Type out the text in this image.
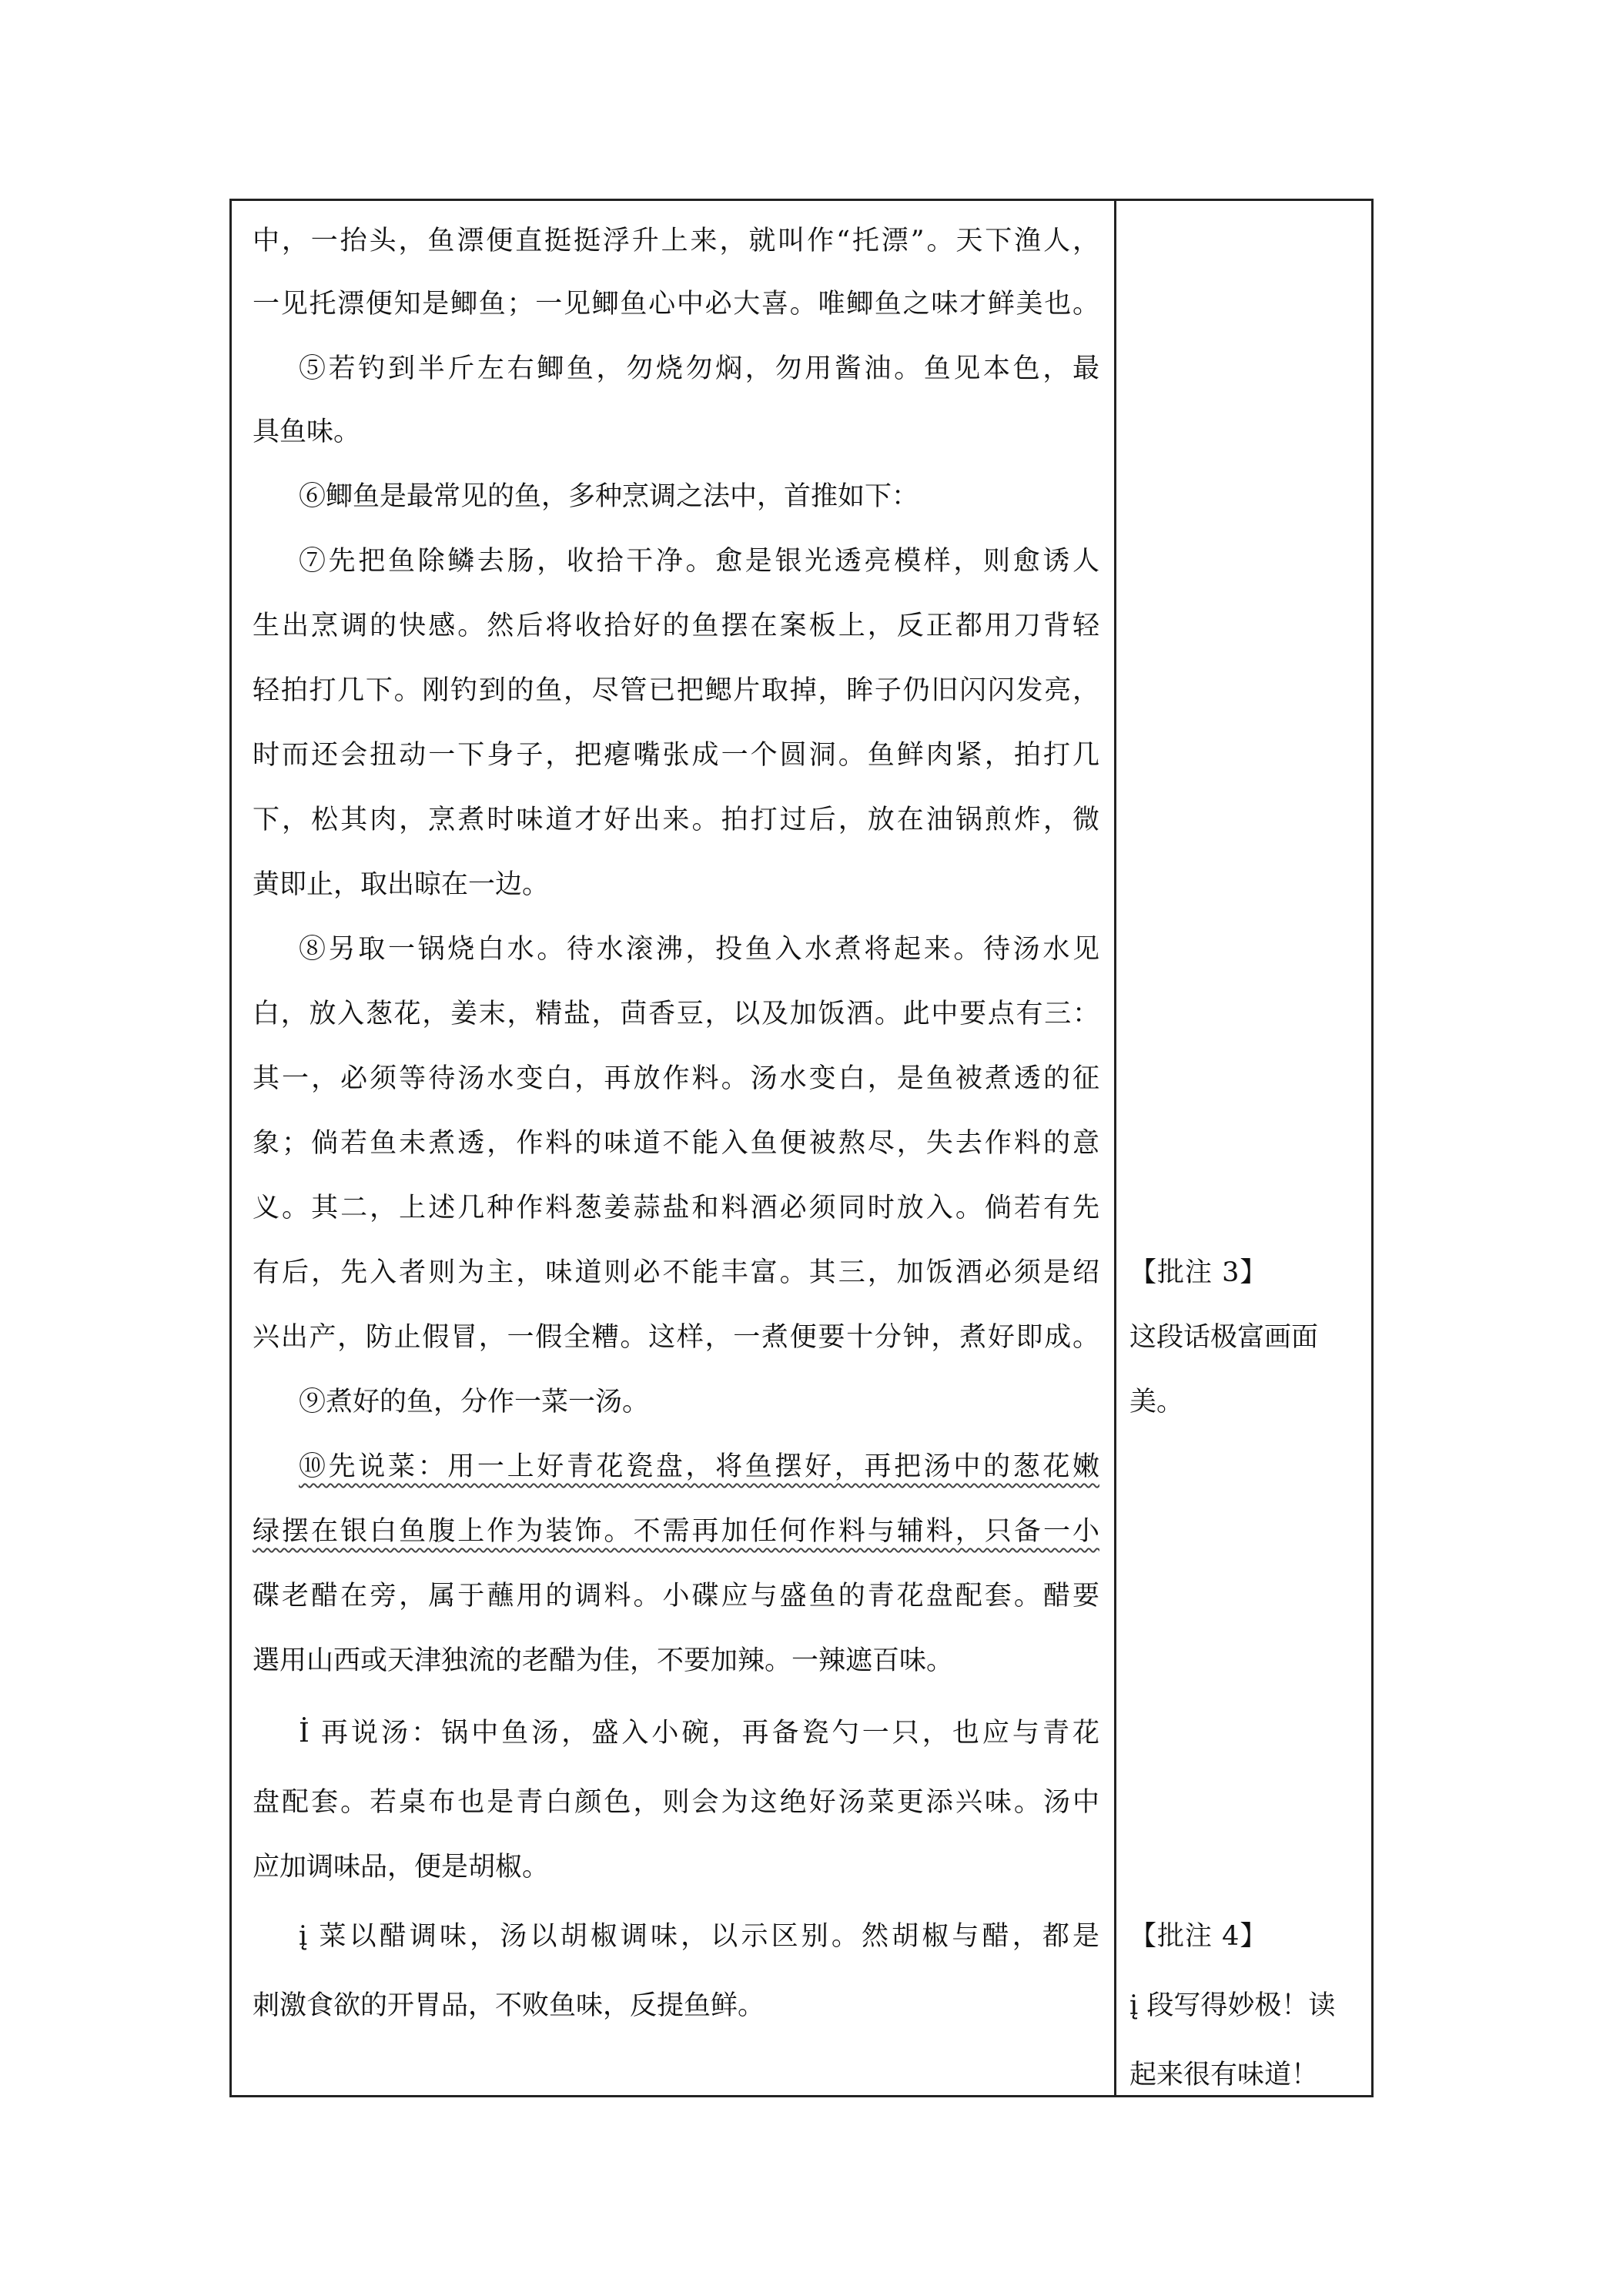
中，一抬头，鱼漂便直挺挺浮升上来，就叫作“托漂”。天下渔人，
一见托漂便知是鲫鱼；一见鲫鱼心中必大喜。唯鲫鱼之味才鲜美也。
⑤若钓到半斤左右鲫鱼，勿烧勿焖，勿用酱油。鱼见本色，最
具鱼味。
⑥鲫鱼是最常见的鱼，多种烹调之法中，首推如下：
⑦先把鱼除鳞去肠，收拾干净。愈是银光透亮模样，则愈诱人
生出烹调的快感。然后将收拾好的鱼摆在案板上，反正都用刀背轻
轻拍打几下。刚钓到的鱼，尽管已把鳃片取掉，眸子仍旧闪闪发亮，
时而还会扭动一下身子，把瘪嘴张成一个圆洞。鱼鲜肉紧，拍打几
下，松其肉，烹煮时味道才好出来。拍打过后，放在油锅煎炸，微
黄即止，取出晾在一边。
⑧另取一锅烧白水。待水滚沸，投鱼入水煮将起来。待汤水见
白，放入葱花，姜末，精盐，茴香豆，以及加饭酒。此中要点有三：
其一，必须等待汤水变白，再放作料。汤水变白，是鱼被煮透的征
象；倘若鱼未煮透，作料的味道不能入鱼便被熬尽，失去作料的意
义。其二，上述几种作料葱姜蒜盐和料酒必须同时放入。倘若有先
有后，先入者则为主，味道则必不能丰富。其三，加饭酒必须是绍
兴出产，防止假冒，一假全糟。这样，一煮便要十分钟，煮好即成。
⑨煮好的鱼，分作一菜一汤。
⑩先说菜：用一上好青花瓷盘，将鱼摆好，再把汤中的葱花嫩
绿摆在银白鱼腹上作为装饰。不需再加任何作料与辅料，只备一小
碟老醋在旁，属于蘸用的调料。小碟应与盛鱼的青花盘配套。醋要
選用山西或天津独流的老醋为佳，不要加辣。一辣遮百味。
İ 再说汤：锅中鱼汤，盛入小碗，再备瓷勺一只，也应与青花
盘配套。若桌布也是青白颜色，则会为这绝好汤菜更添兴味。汤中
应加调味品，便是胡椒。
į 菜以醋调味，汤以胡椒调味，以示区别。然胡椒与醋，都是
刺激食欲的开胃品，不败鱼味，反提鱼鲜。
【批注 3】
这段话极富画面
美。
【批注 4】
į 段写得妙极！读
起来很有味道！
